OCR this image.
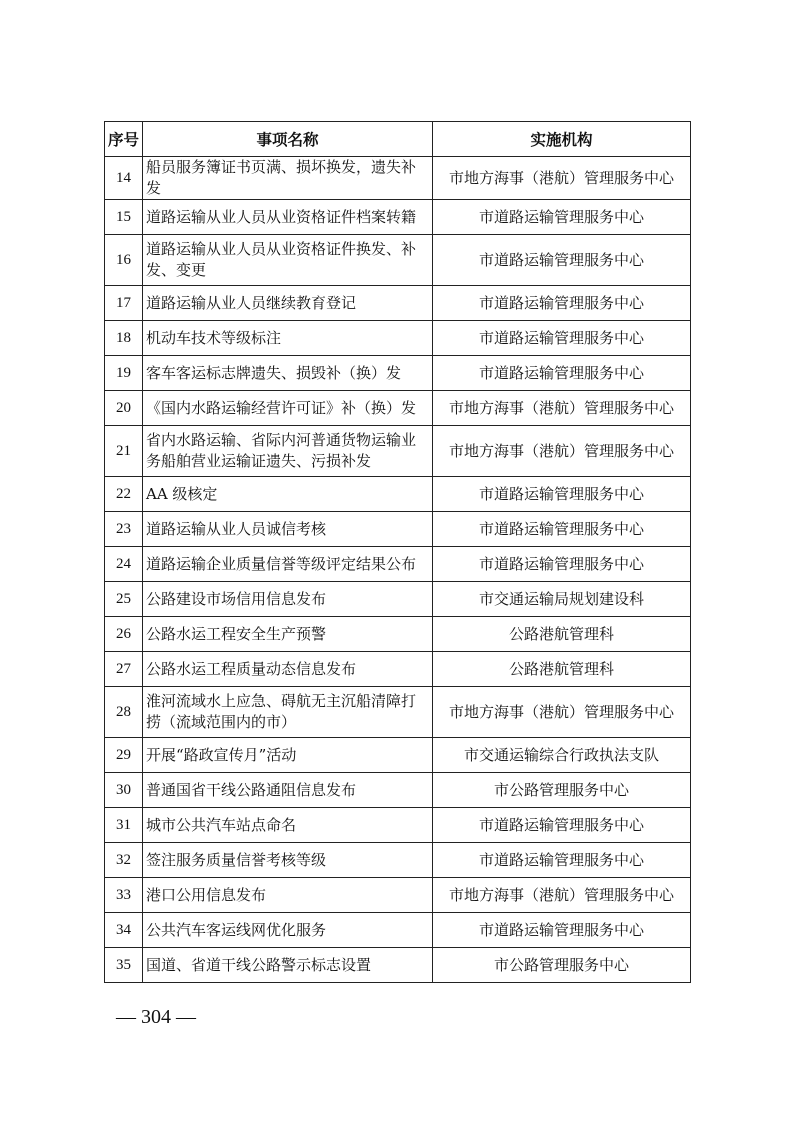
序号	事项名称	实施机构
14	船员服务簿证书页满、损坏换发，遗失补发	市地方海事（港航）管理服务中心
15	道路运输从业人员从业资格证件档案转籍	市道路运输管理服务中心
16	道路运输从业人员从业资格证件换发、补发、变更	市道路运输管理服务中心
17	道路运输从业人员继续教育登记	市道路运输管理服务中心
18	机动车技术等级标注	市道路运输管理服务中心
19	客车客运标志牌遗失、损毁补（换）发	市道路运输管理服务中心
20	《国内水路运输经营许可证》补（换）发	市地方海事（港航）管理服务中心
21	省内水路运输、省际内河普通货物运输业务船舶营业运输证遗失、污损补发	市地方海事（港航）管理服务中心
22	AA 级核定	市道路运输管理服务中心
23	道路运输从业人员诚信考核	市道路运输管理服务中心
24	道路运输企业质量信誉等级评定结果公布	市道路运输管理服务中心
25	公路建设市场信用信息发布	市交通运输局规划建设科
26	公路水运工程安全生产预警	公路港航管理科
27	公路水运工程质量动态信息发布	公路港航管理科
28	淮河流域水上应急、碍航无主沉船清障打捞（流域范围内的市）	市地方海事（港航）管理服务中心
29	开展“路政宣传月”活动	市交通运输综合行政执法支队
30	普通国省干线公路通阻信息发布	市公路管理服务中心
31	城市公共汽车站点命名	市道路运输管理服务中心
32	签注服务质量信誉考核等级	市道路运输管理服务中心
33	港口公用信息发布	市地方海事（港航）管理服务中心
34	公共汽车客运线网优化服务	市道路运输管理服务中心
35	国道、省道干线公路警示标志设置	市公路管理服务中心
— 304 —
